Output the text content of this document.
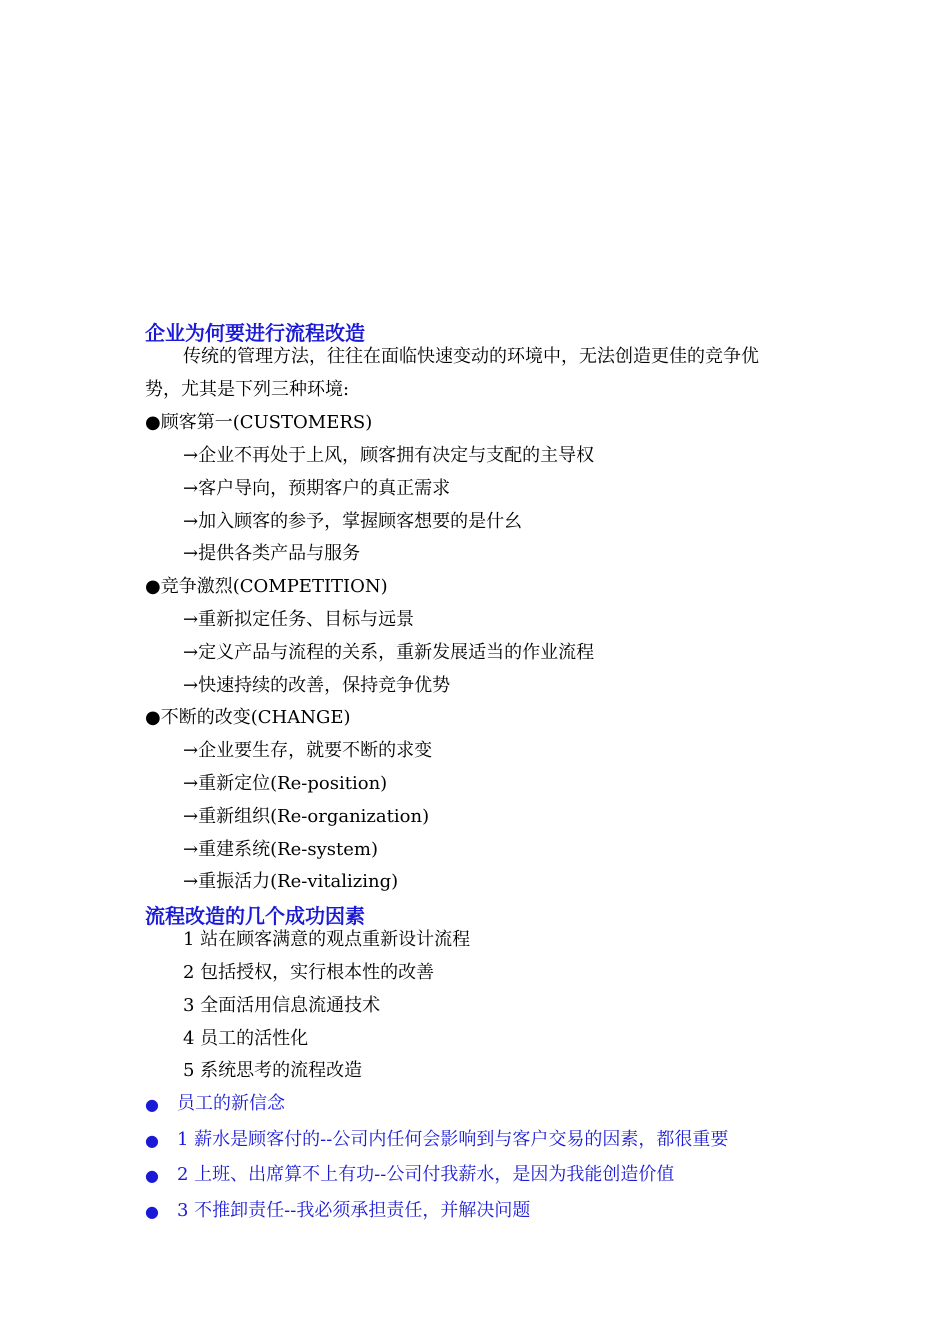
企业为何要进行流程改造
传统的管理方法，往往在面临快速变动的环境中，无法创造更佳的竞争优
势，尤其是下列三种环境:
●顾客第一(CUSTOMERS)
→企业不再处于上风，顾客拥有决定与支配的主导权
→客户导向，预期客户的真正需求
→加入顾客的参予，掌握顾客想要的是什幺
→提供各类产品与服务
●竞争激烈(COMPETITION)
→重新拟定任务、目标与远景
→定义产品与流程的关系，重新发展适当的作业流程
→快速持续的改善，保持竞争优势
●不断的改变(CHANGE)
→企业要生存，就要不断的求变
→重新定位(Re-position)
→重新组织(Re-organization)
→重建系统(Re-system)
→重振活力(Re-vitalizing)
流程改造的几个成功因素
1 站在顾客满意的观点重新设计流程
2 包括授权，实行根本性的改善
3 全面活用信息流通技术
4 员工的活性化
5 系统思考的流程改造
● 员工的新信念
● 1 薪水是顾客付的--公司内任何会影响到与客户交易的因素，都很重要
● 2 上班、出席算不上有功--公司付我薪水，是因为我能创造价值
● 3 不推卸责任--我必须承担责任，并解决问题
